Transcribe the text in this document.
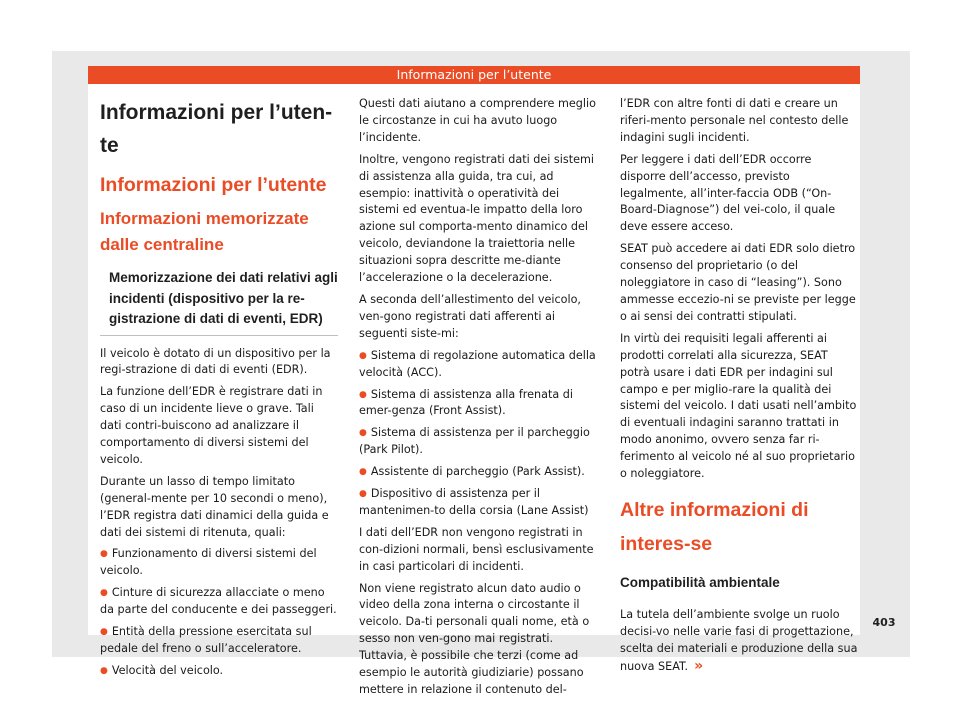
Informazioni per l’utente
Informazioni per l’uten-te
Informazioni per l’utente
Informazioni memorizzate dalle centraline
Memorizzazione dei dati relativi agli incidenti (dispositivo per la re-gistrazione di dati di eventi, EDR)

Il veicolo è dotato di un dispositivo per la regi-strazione di dati di eventi (EDR).

La funzione dell’EDR è registrare dati in caso di un incidente lieve o grave. Tali dati contri-buiscono ad analizzare il comportamento di diversi sistemi del veicolo.

Durante un lasso di tempo limitato (general-mente per 10 secondi o meno), l’EDR registra dati dinamici della guida e dati dei sistemi di ritenuta, quali:

● Funzionamento di diversi sistemi del veicolo.

● Cinture di sicurezza allacciate o meno da parte del conducente e dei passeggeri.

● Entità della pressione esercitata sul pedale del freno o sull’acceleratore.

● Velocità del veicolo.

Questi dati aiutano a comprendere meglio le circostanze in cui ha avuto luogo l’incidente.

Inoltre, vengono registrati dati dei sistemi di assistenza alla guida, tra cui, ad esempio: inattività o operatività dei sistemi ed eventua-le impatto della loro azione sul comporta-mento dinamico del veicolo, deviandone la traiettoria nelle situazioni sopra descritte me-diante l’accelerazione o la decelerazione.

A seconda dell’allestimento del veicolo, ven-gono registrati dati afferenti ai seguenti siste-mi:

● Sistema di regolazione automatica della velocità (ACC).

● Sistema di assistenza alla frenata di emer-genza (Front Assist).

● Sistema di assistenza per il parcheggio (Park Pilot).

● Assistente di parcheggio (Park Assist).

● Dispositivo di assistenza per il mantenimen-to della corsia (Lane Assist)

I dati dell’EDR non vengono registrati in con-dizioni normali, bensì esclusivamente in casi particolari di incidenti.

Non viene registrato alcun dato audio o video della zona interna o circostante il veicolo. Da-ti personali quali nome, età o sesso non ven-gono mai registrati. Tuttavia, è possibile che terzi (come ad esempio le autorità giudiziarie) possano mettere in relazione il contenuto del-

l’EDR con altre fonti di dati e creare un riferi-mento personale nel contesto delle indagini sugli incidenti.

Per leggere i dati dell’EDR occorre disporre dell’accesso, previsto legalmente, all’inter-faccia ODB (“On-Board-Diagnose”) del vei-colo, il quale deve essere acceso.

SEAT può accedere ai dati EDR solo dietro consenso del proprietario (o del noleggiatore in caso di “leasing”). Sono ammesse eccezio-ni se previste per legge o ai sensi dei contratti stipulati.

In virtù dei requisiti legali afferenti ai prodotti correlati alla sicurezza, SEAT potrà usare i dati EDR per indagini sul campo e per miglio-rare la qualità dei sistemi del veicolo. I dati usati nell’ambito di eventuali indagini saranno trattati in modo anonimo, ovvero senza far ri-ferimento al veicolo né al suo proprietario o noleggiatore.

Altre informazioni di interes-se
Compatibilità ambientale

La tutela dell’ambiente svolge un ruolo decisi-vo nelle varie fasi di progettazione, scelta dei materiali e produzione della sua nuova SEAT. »

403
